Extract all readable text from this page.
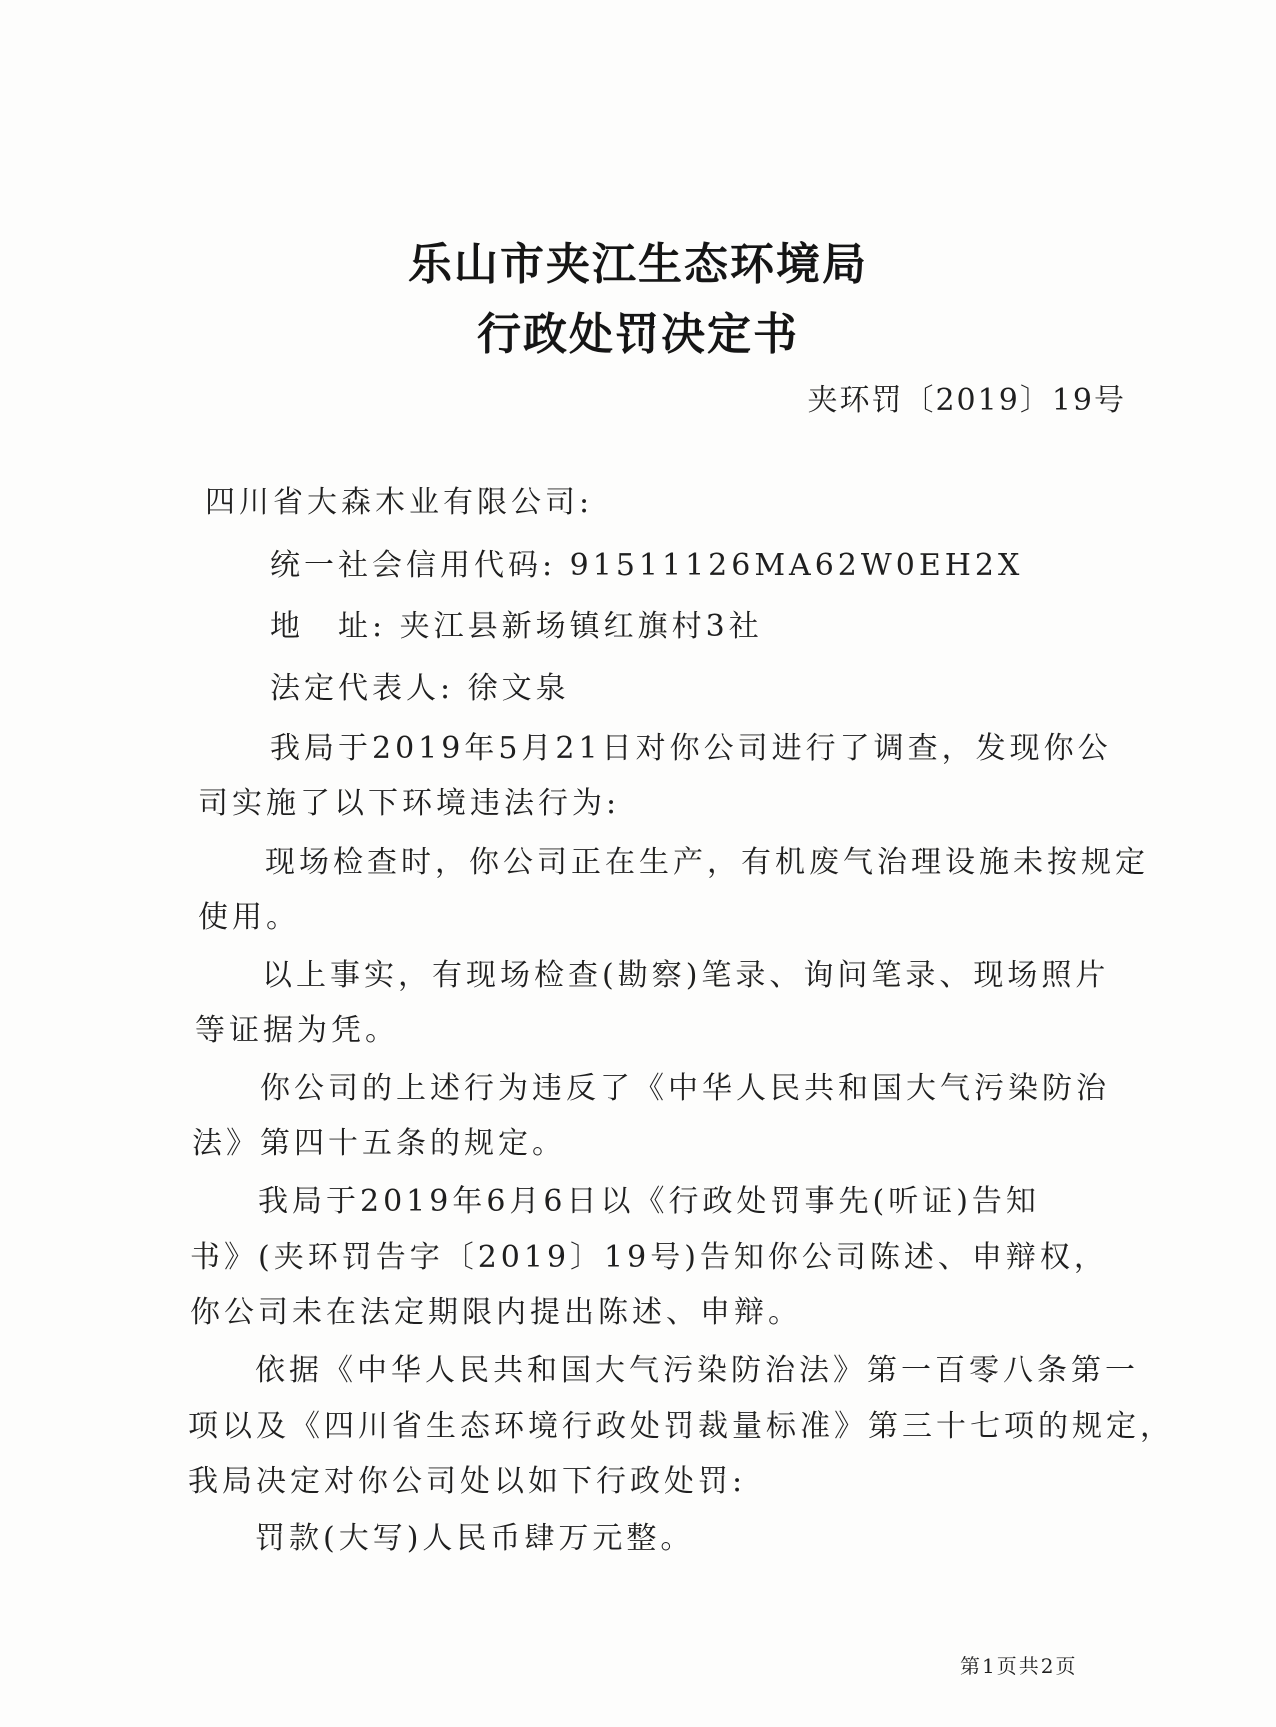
乐山市夹江生态环境局
行政处罚决定书
夹环罚〔2019〕19号
四川省大森木业有限公司:
统一社会信用代码: 91511126MA62W0EH2X
地　址: 夹江县新场镇红旗村3社
法定代表人: 徐文泉
我局于2019年5月21日对你公司进行了调查，发现你公
司实施了以下环境违法行为:
现场检查时，你公司正在生产，有机废气治理设施未按规定
使用。
以上事实，有现场检查(勘察)笔录、询问笔录、现场照片
等证据为凭。
你公司的上述行为违反了《中华人民共和国大气污染防治
法》第四十五条的规定。
我局于2019年6月6日以《行政处罚事先(听证)告知
书》(夹环罚告字〔2019〕19号)告知你公司陈述、申辩权，
你公司未在法定期限内提出陈述、申辩。
依据《中华人民共和国大气污染防治法》第一百零八条第一
项以及《四川省生态环境行政处罚裁量标准》第三十七项的规定，
我局决定对你公司处以如下行政处罚:
罚款(大写)人民币肆万元整。
第1页共2页
